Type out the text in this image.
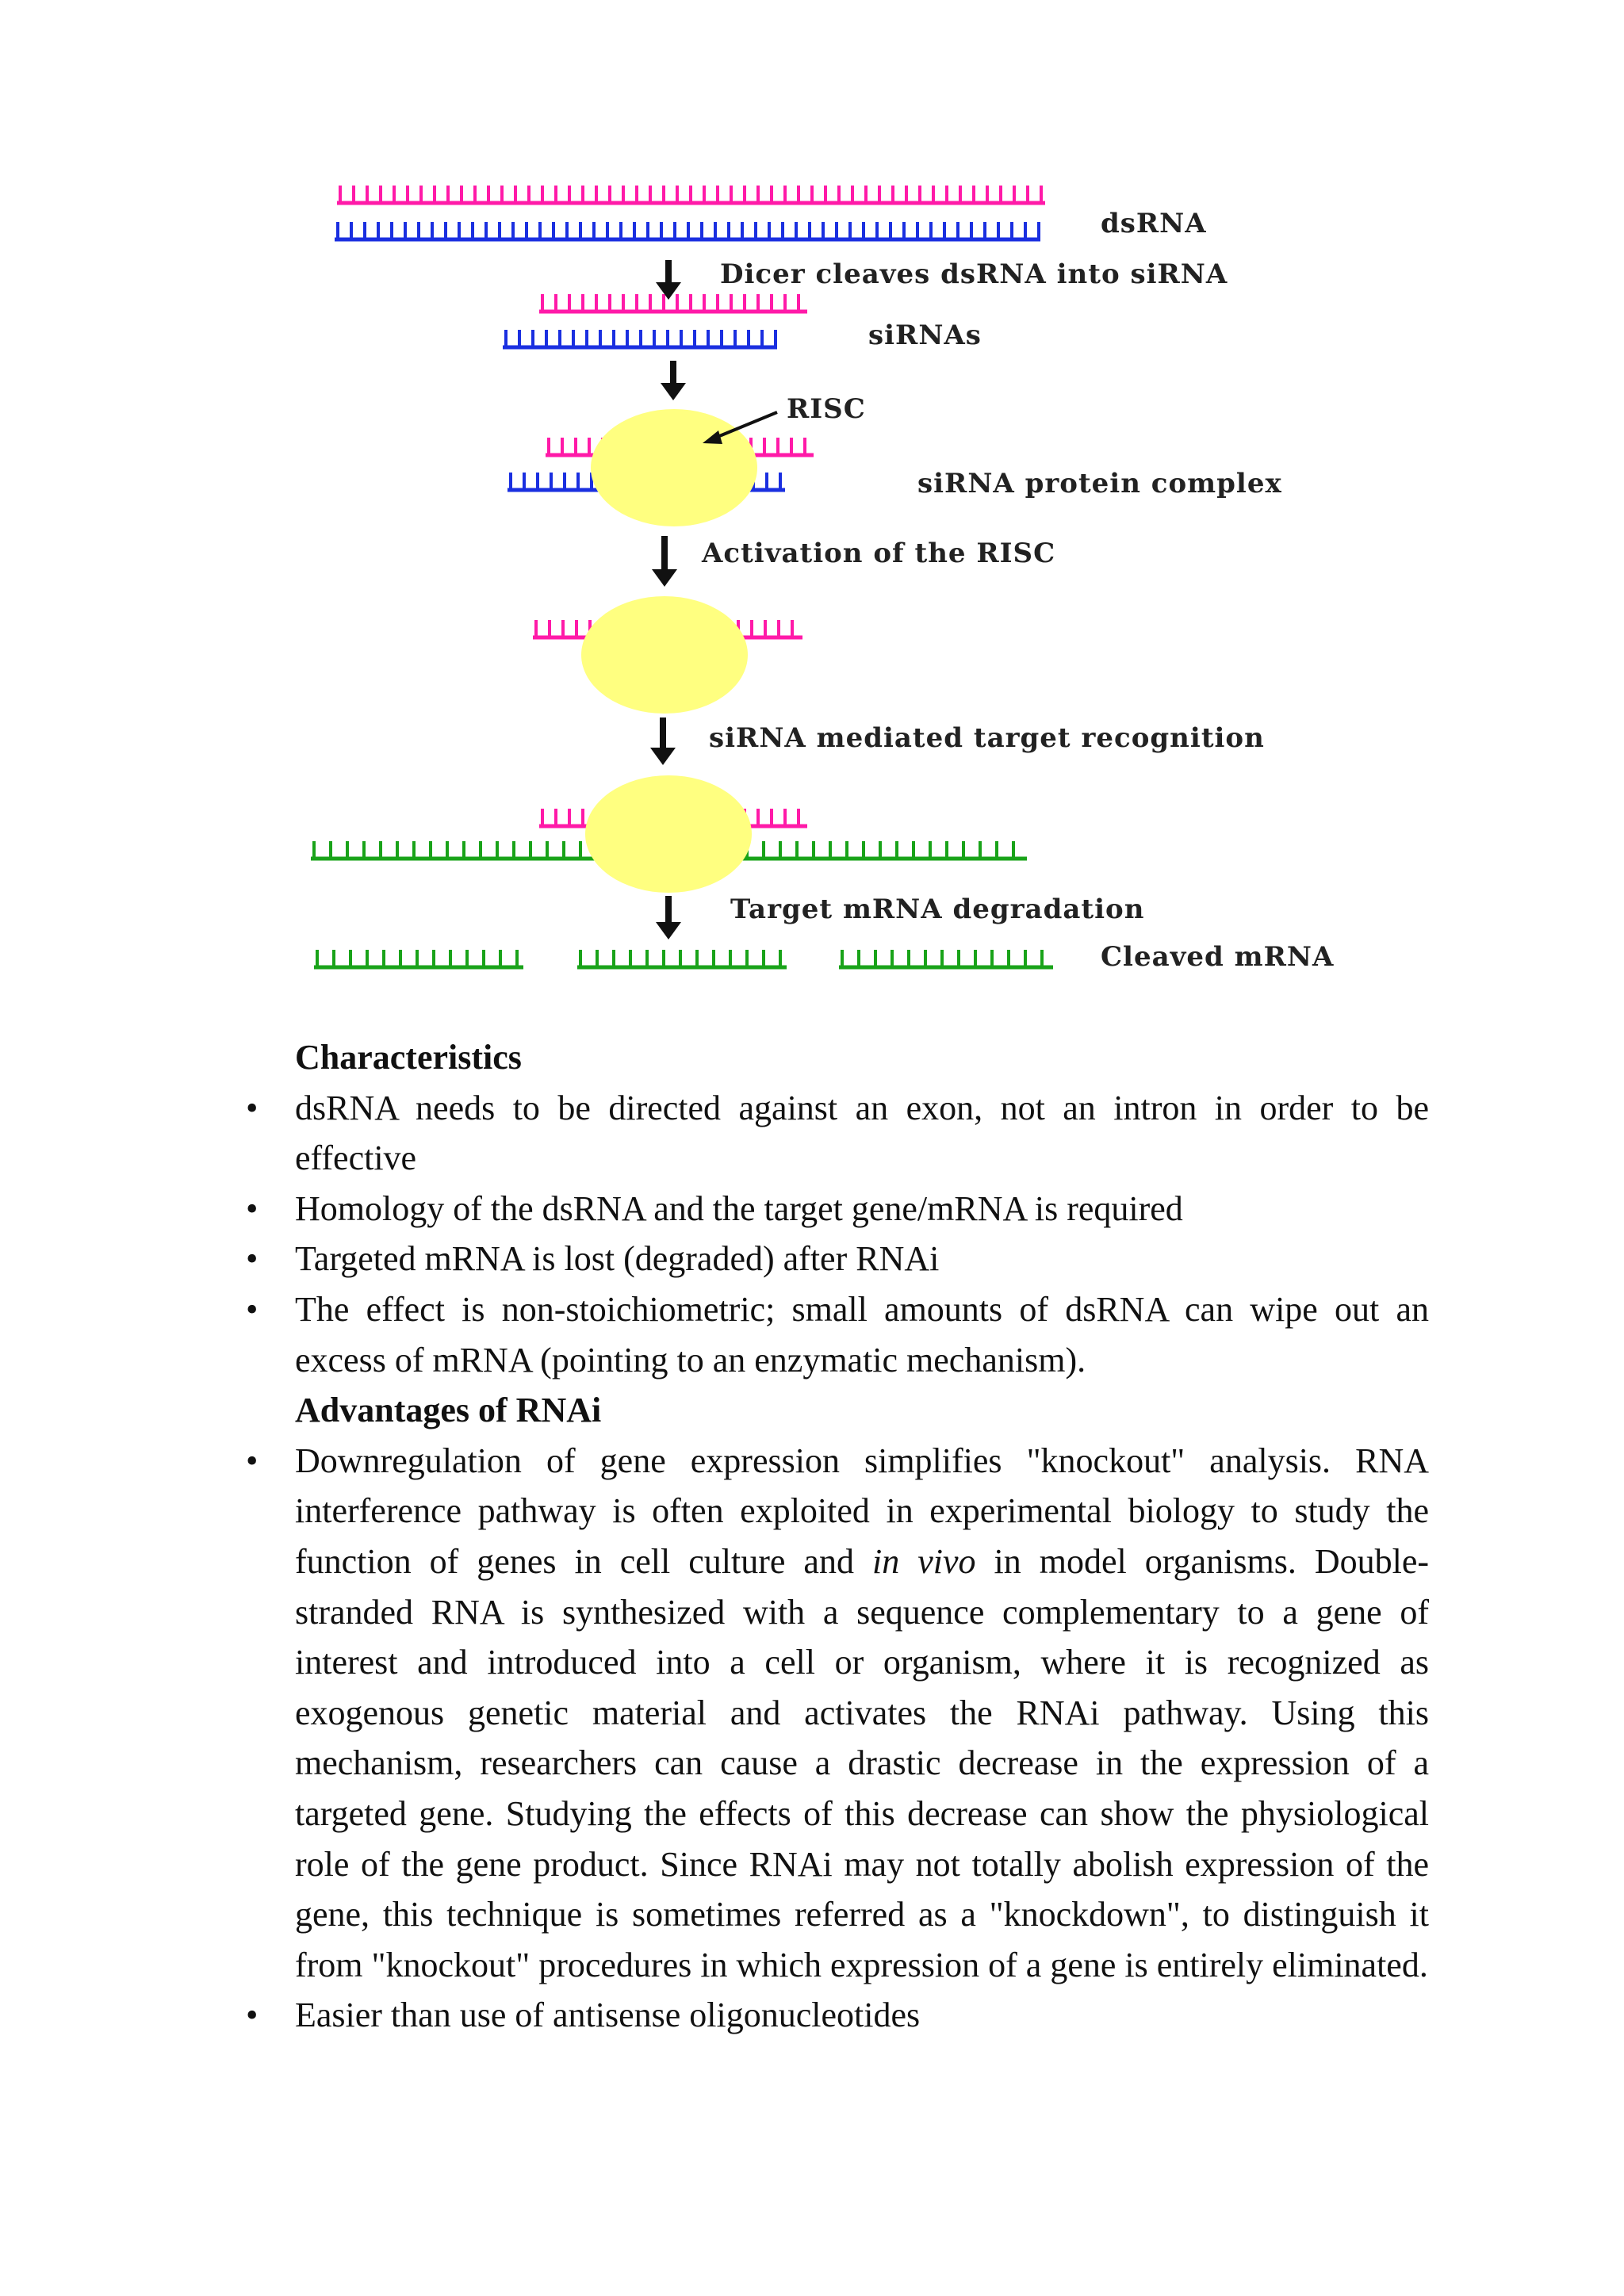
dsRNA
Dicer cleaves dsRNA into siRNA
siRNAs
RISC
siRNA protein complex
Activation of the RISC
siRNA mediated target recognition
Target mRNA degradation
Cleaved mRNA

Characteristics

• dsRNA needs to be directed against an exon, not an intron in order to be effective

• Homology of the dsRNA and the target gene/mRNA is required

• Targeted mRNA is lost (degraded) after RNAi

• The effect is non-stoichiometric; small amounts of dsRNA can wipe out an excess of mRNA (pointing to an enzymatic mechanism).

Advantages of RNAi

• Downregulation of gene expression simplifies "knockout" analysis. RNA interference pathway is often exploited in experimental biology to study the function of genes in cell culture and in vivo in model organisms. Double-stranded RNA is synthesized with a sequence complementary to a gene of interest and introduced into a cell or organism, where it is recognized as exogenous genetic material and activates the RNAi pathway. Using this mechanism, researchers can cause a drastic decrease in the expression of a targeted gene. Studying the effects of this decrease can show the physiological role of the gene product. Since RNAi may not totally abolish expression of the gene, this technique is sometimes referred as a "knockdown", to distinguish it from "knockout" procedures in which expression of a gene is entirely eliminated.

• Easier than use of antisense oligonucleotides
